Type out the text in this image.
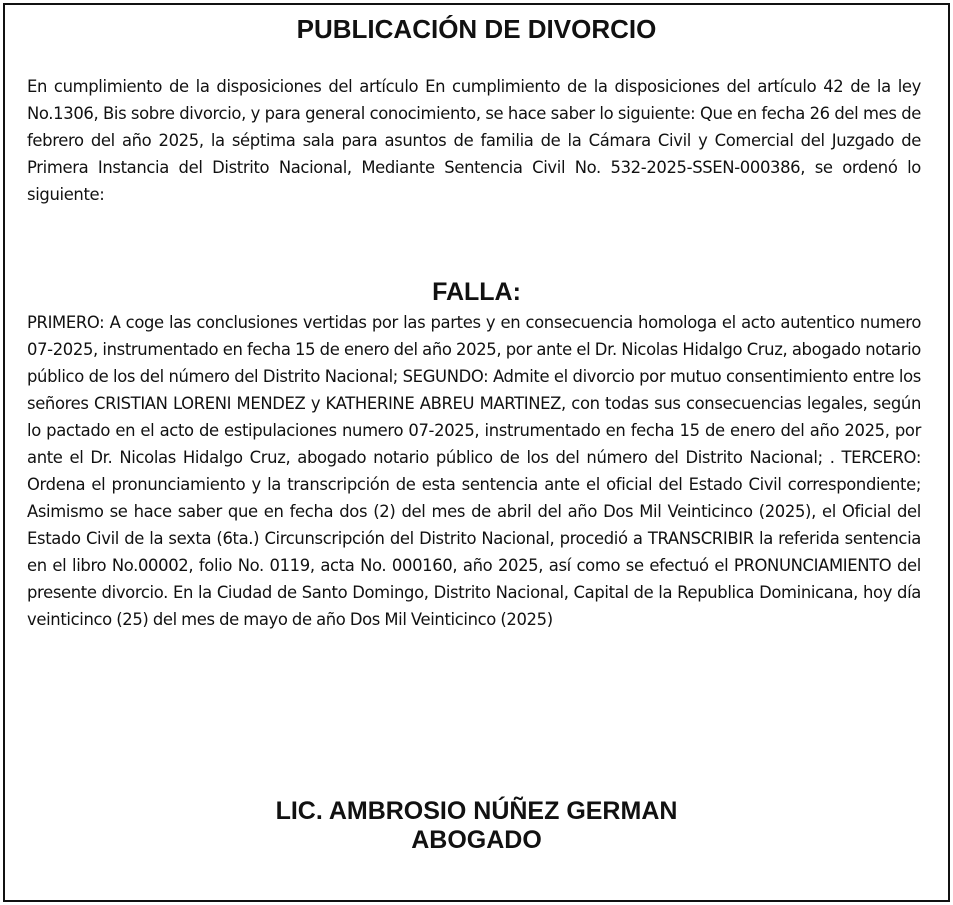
PUBLICACIÓN DE DIVORCIO

En cumplimiento de la disposiciones del artículo En cumplimiento de la disposiciones del artículo 42 de la ley No.1306, Bis sobre divorcio, y para general conocimiento, se hace saber lo siguiente: Que en fecha 26 del mes de febrero del año 2025, la séptima sala para asuntos de familia de la Cámara Civil y Comercial del Juzgado de Primera Instancia del Distrito Nacional, Mediante Sentencia Civil No. 532-2025-SSEN-000386, se ordenó lo siguiente:

FALLA:

PRIMERO: A coge las conclusiones vertidas por las partes y en consecuencia homologa el acto autentico numero 07-2025, instrumentado en fecha 15 de enero del año 2025, por ante el Dr. Nicolas Hidalgo Cruz, abogado notario público de los del número del Distrito Nacional; SEGUNDO: Admite el divorcio por mutuo consentimiento entre los señores CRISTIAN LORENI MENDEZ y KATHERINE ABREU MARTINEZ, con todas sus consecuencias legales, según lo pactado en el acto de estipulaciones numero 07-2025, instrumentado en fecha 15 de enero del año 2025, por ante el Dr. Nicolas Hidalgo Cruz, abogado notario público de los del número del Distrito Nacional; . TERCERO: Ordena el pronunciamiento y la transcripción de esta sentencia ante el oficial del Estado Civil correspondiente; Asimismo se hace saber que en fecha dos (2) del mes de abril del año Dos Mil Veinticinco (2025), el Oficial del Estado Civil de la sexta (6ta.) Circunscripción del Distrito Nacional, procedió a TRANSCRIBIR la referida sentencia en el libro No.00002, folio No. 0119, acta No. 000160, año 2025, así como se efectuó el PRONUNCIAMIENTO del presente divorcio. En la Ciudad de Santo Domingo, Distrito Nacional, Capital de la Republica Dominicana, hoy día veinticinco (25) del mes de mayo de año Dos Mil Veinticinco (2025)

LIC. AMBROSIO NÚÑEZ GERMAN
ABOGADO
